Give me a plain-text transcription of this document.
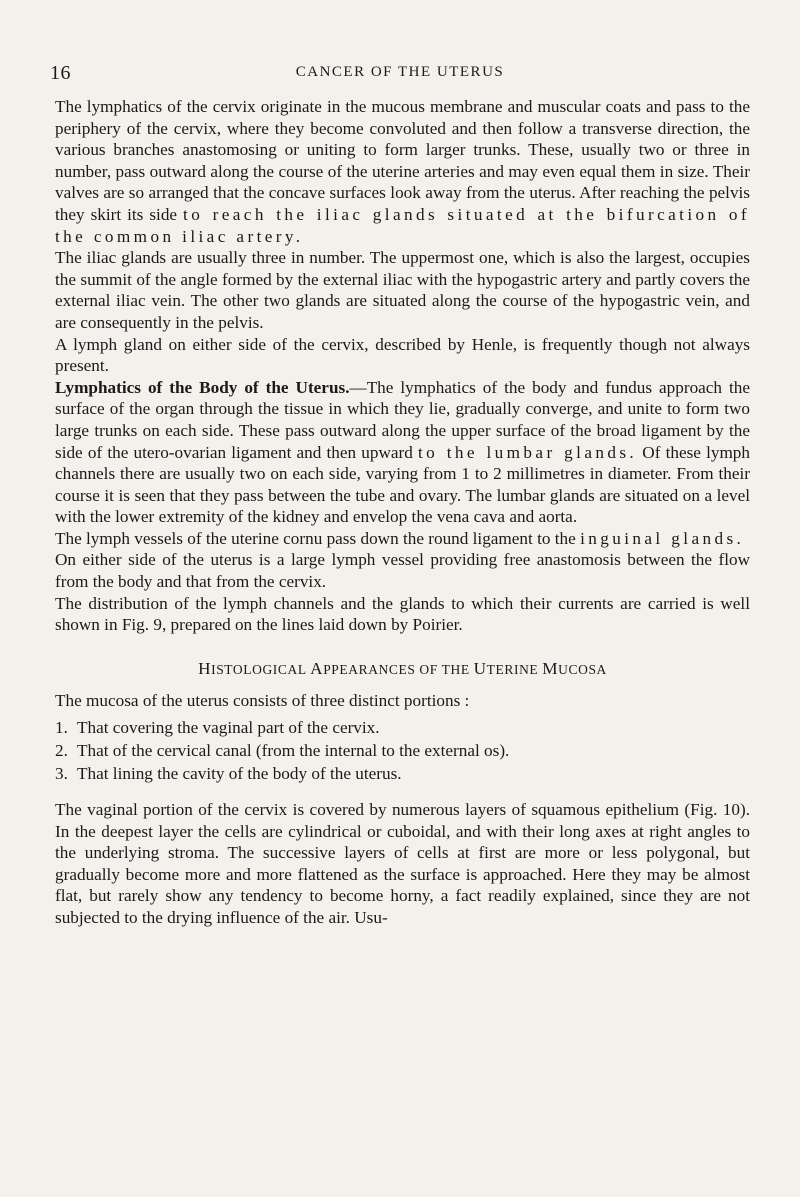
16	CANCER OF THE UTERUS

The lymphatics of the cervix originate in the mucous membrane and muscular coats and pass to the periphery of the cervix, where they become convoluted and then follow a transverse direction, the various branches anastomosing or uniting to form larger trunks. These, usually two or three in number, pass outward along the course of the uterine arteries and may even equal them in size. Their valves are so arranged that the concave surfaces look away from the uterus. After reaching the pelvis they skirt its side to reach the iliac glands situated at the bifurcation of the common iliac artery.

The iliac glands are usually three in number. The uppermost one, which is also the largest, occupies the summit of the angle formed by the external iliac with the hypogastric artery and partly covers the external iliac vein. The other two glands are situated along the course of the hypogastric vein, and are consequently in the pelvis.

A lymph gland on either side of the cervix, described by Henle, is frequently though not always present.

Lymphatics of the Body of the Uterus.—The lymphatics of the body and fundus approach the surface of the organ through the tissue in which they lie, gradually converge, and unite to form two large trunks on each side. These pass outward along the upper surface of the broad ligament by the side of the utero-ovarian ligament and then upward to the lumbar glands. Of these lymph channels there are usually two on each side, varying from 1 to 2 millimetres in diameter. From their course it is seen that they pass between the tube and ovary. The lumbar glands are situated on a level with the lower extremity of the kidney and envelop the vena cava and aorta.

The lymph vessels of the uterine cornu pass down the round ligament to the inguinal glands.

On either side of the uterus is a large lymph vessel providing free anastomosis between the flow from the body and that from the cervix.

The distribution of the lymph channels and the glands to which their currents are carried is well shown in Fig. 9, prepared on the lines laid down by Poirier.

HISTOLOGICAL APPEARANCES OF THE UTERINE MUCOSA

The mucosa of the uterus consists of three distinct portions :

1. That covering the vaginal part of the cervix.
2. That of the cervical canal (from the internal to the external os).
3. That lining the cavity of the body of the uterus.

The vaginal portion of the cervix is covered by numerous layers of squamous epithelium (Fig. 10). In the deepest layer the cells are cylindrical or cuboidal, and with their long axes at right angles to the underlying stroma. The successive layers of cells at first are more or less polygonal, but gradually become more and more flattened as the surface is approached. Here they may be almost flat, but rarely show any tendency to become horny, a fact readily explained, since they are not subjected to the drying influence of the air. Usu-
